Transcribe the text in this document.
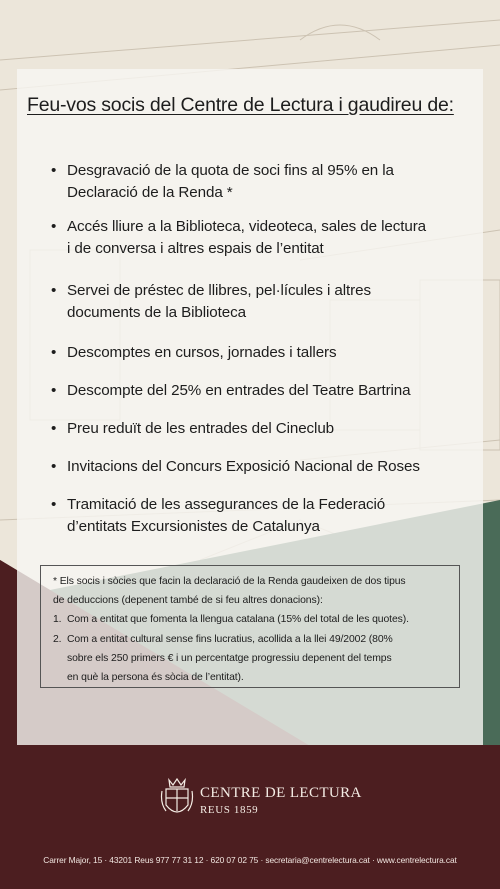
Feu-vos socis del Centre de Lectura i gaudireu de:
• Desgravació de la quota de soci fins al 95% en la
Declaració de la Renda *
• Accés lliure a la Biblioteca, videoteca, sales de lectura
i de conversa i altres espais de l’entitat
• Servei de préstec de llibres, pel·lícules i altres
documents de la Biblioteca
• Descomptes en cursos, jornades i tallers
• Descompte del 25% en entrades del Teatre Bartrina
• Preu reduït de les entrades del Cineclub
• Invitacions del Concurs Exposició Nacional de Roses
• Tramitació de les assegurances de la Federació
d’entitats Excursionistes de Catalunya

* Els socis i sòcies que facin la declaració de la Renda gaudeixen de dos tipus
de deduccions (depenent també de si feu altres donacions):

1. Com a entitat que fomenta la llengua catalana (15% del total de les quotes).

2. Com a entitat cultural sense fins lucratius, acollida a la llei 49/2002 (80%
sobre els 250 primers € i un percentatge progressiu depenent del temps
en què la persona és sòcia de l’entitat).

CENTRE DE LECTURA
REUS 1859
Carrer Major, 15 · 43201 Reus 977 77 31 12 · 620 07 02 75 · secretaria@centrelectura.cat · www.centrelectura.cat
